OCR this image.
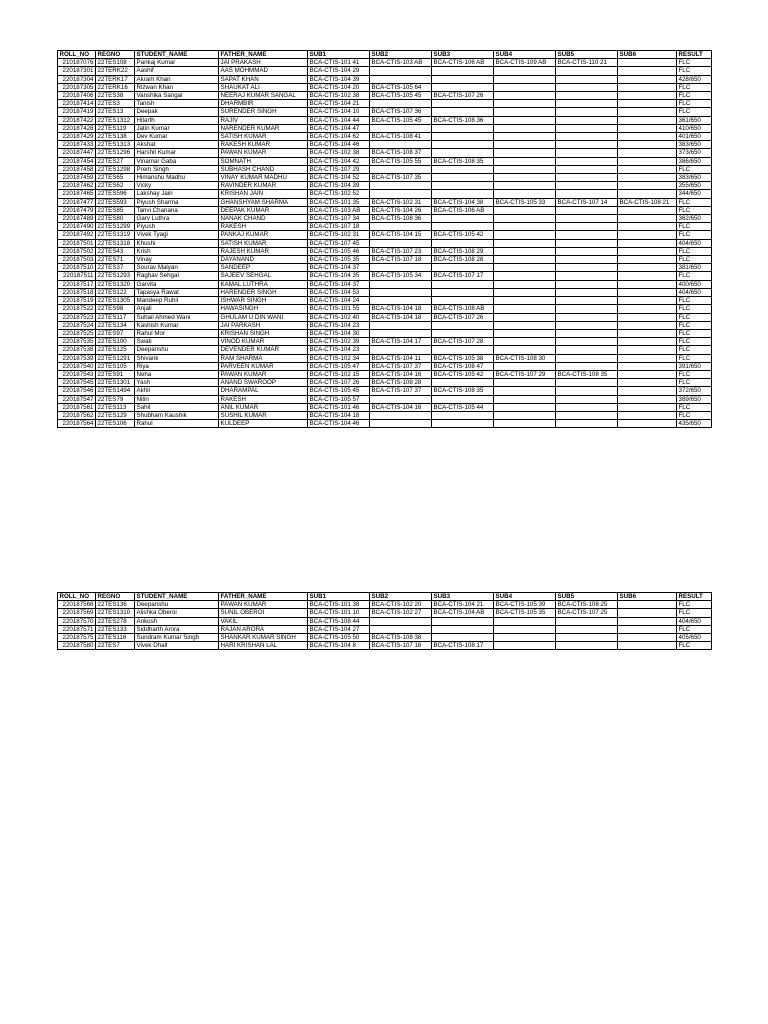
ROLL_NO	REGNO	STUDENT_NAME	FATHER_NAME	SUB1	SUB2	SUB3	SUB4	SUB5	SUB6	RESULT
210187076	22TES108	Pankaj Kumar	JAI PRAKASH	BCA-CTIS-101 41	BCA-CTIS-103 AB	BCA-CTIS-106 AB	BCA-CTIS-109 AB	BCA-CTIS-110 21		FLC
220187301	22TERK22	Aashif	AAS MOHMMAD	BCA-CTIS-104 29						FLC
220187304	22TERK17	Akram Khan	SAPAT KHAN	BCA-CTIS-104 39						428/650
220187305	22TERK16	Rizwan Khan	SHAUKAT ALI	BCA-CTIS-104 20	BCA-CTIS-105 64					FLC
220187406	22TES38	Vanshika Sangal	NEERAJ KUMAR SANGAL	BCA-CTIS-102 38	BCA-CTIS-105 45	BCA-CTIS-107 26				FLC
220187414	22TES3	Tanish	DHARMBIR	BCA-CTIS-104 21						FLC
220187419	22TES13	Deepak	SURENDER SINGH	BCA-CTIS-104 10	BCA-CTIS-107 36					FLC
220187422	22TES1312	Hitarth	RAJIV	BCA-CTIS-104 44	BCA-CTIS-105 45	BCA-CTIS-108 36				361/650
220187428	22TES119	Jatin Kumar	NARENDER KUMAR	BCA-CTIS-104 47						410/650
220187429	22TES138	Dev Kumar	SATISH KUMAR	BCA-CTIS-104 62	BCA-CTIS-108 41					401/650
220187433	22TES1313	Akshat	RAKESH KUMAR	BCA-CTIS-104 46						383/650
220187447	22TES1296	Harshit Kumar	PAWAN KUMAR	BCA-CTIS-102 38	BCA-CTIS-108 37					373/650
220187454	22TES27	Vinamar Gaba	SOMNATH	BCA-CTIS-104 42	BCA-CTIS-105 55	BCA-CTIS-108 35				386/650
220187458	22TES1298	Prem Singh	SUBHASH CHAND	BCA-CTIS-107 29						FLC
220187459	22TES65	Himanshu Madhu	VINAY KUMAR MADHU	BCA-CTIS-104 52	BCA-CTIS-107 35					383/650
220187462	22TES62	Vicky	RAVINDER KUMAR	BCA-CTIS-104 39						355/650
220187465	22TES596	Lakshay Jain	KRISHAN JAIN	BCA-CTIS-102 52						344/650
220187477	22TES593	Piyush Sharma	GHANSHYAM SHARMA	BCA-CTIS-101 35	BCA-CTIS-102 31	BCA-CTIS-104 38	BCA-CTIS-105 33	BCA-CTIS-107 14	BCA-CTIS-108 21	FLC
220187479	22TES85	Tanvi Chanana	DEEPAK KUMAR	BCA-CTIS-103 AB	BCA-CTIS-104 26	BCA-CTIS-106 AB				FLC
220187489	22TES80	Garv Luthra	NANAK CHAND	BCA-CTIS-107 34	BCA-CTIS-108 36					362/650
220187490	22TES1299	Piyush	RAKESH	BCA-CTIS-107 18						FLC
220187492	22TES1319	Vivek Tyagi	PANKAJ KUMAR	BCA-CTIS-102 31	BCA-CTIS-104 15	BCA-CTIS-105 42				FLC
220187501	22TES1318	Khushi	SATISH KUMAR	BCA-CTIS-107 45						404/650
220187502	22TES43	Krish	RAJESH KUMAR	BCA-CTIS-105 46	BCA-CTIS-107 23	BCA-CTIS-108 29				FLC
220187503	22TES71	Vinay	DAYANAND	BCA-CTIS-105 35	BCA-CTIS-107 18	BCA-CTIS-108 28				FLC
220187510	22TES37	Sourav Malyan	SANDEEP	BCA-CTIS-104 37						381/650
220187511	22TES1293	Raghav Sehgal	SAJEEV SEHGAL	BCA-CTIS-104 35	BCA-CTIS-105 34	BCA-CTIS-107 17				FLC
220187517	22TES1320	Garvita	KAMAL LUTHRA	BCA-CTIS-104 37						400/650
220187518	22TES122	Tapasya Rawat	HARENDER SINGH	BCA-CTIS-104 53						404/650
220187519	22TES1305	Mandeep Ruhil	ISHWAR SINGH	BCA-CTIS-104 24						FLC
220187522	22TES98	Anjali	HAWASINGH	BCA-CTIS-101 55	BCA-CTIS-104 18	BCA-CTIS-108 AB				FLC
220187523	22TES117	Suhail Ahmed Wani	GHULAM U DIN WANI	BCA-CTIS-102 40	BCA-CTIS-104 18	BCA-CTIS-107 26				FLC
220187524	22TES134	Kashish Kumar	JAI PARKASH	BCA-CTIS-104 23						FLC
220187525	22TES97	Rahul Mor	KRISHAN SINGH	BCA-CTIS-104 30						FLC
220187535	22TES100	Swati	VINOD KUMAR	BCA-CTIS-102 39	BCA-CTIS-104 17	BCA-CTIS-107 28				FLC
220187538	22TES125	Deepanshu	DEVENDER KUMAR	BCA-CTIS-104 23						FLC
220187539	22TES1291	Shivank	RAM SHARMA	BCA-CTIS-102 34	BCA-CTIS-104 11	BCA-CTIS-105 38	BCA-CTIS-108 30			FLC
220187540	22TES105	Riya	PARVEEN KUMAR	BCA-CTIS-105 47	BCA-CTIS-107 37	BCA-CTIS-108 47				391/650
220187543	22TES91	Neha	PAWAN KUMAR	BCA-CTIS-102 15	BCA-CTIS-104 16	BCA-CTIS-105 42	BCA-CTIS-107 29	BCA-CTIS-108 35		FLC
220187545	22TES1301	Yash	ANAND SWAROOP	BCA-CTIS-107 26	BCA-CTIS-108 28					FLC
220187546	22TES1494	Akhil	DHARAMPAL	BCA-CTIS-105 45	BCA-CTIS-107 37	BCA-CTIS-108 35				372/650
220187547	22TES79	Nitin	RAKESH	BCA-CTIS-105 57						389/650
220187561	22TES113	Sahil	ANIL KUMAR	BCA-CTIS-101 46	BCA-CTIS-104 16	BCA-CTIS-105 44				FLC
220187562	22TES129	Shubham Kaushik	SUSHIL KUMAR	BCA-CTIS-104 18						FLC
220187564	22TES106	Rahul	KULDEEP	BCA-CTIS-104 46						435/650
ROLL_NO	REGNO	STUDENT_NAME	FATHER_NAME	SUB1	SUB2	SUB3	SUB4	SUB5	SUB6	RESULT
220187568	22TES136	Deepanshu	PAWAN KUMAR	BCA-CTIS-101 38	BCA-CTIS-102 20	BCA-CTIS-104 21	BCA-CTIS-105 39	BCA-CTIS-108 25		FLC
220187569	22TES1310	Alishka Oberoi	SUNIL OBEROI	BCA-CTIS-101 10	BCA-CTIS-102 27	BCA-CTIS-104 AB	BCA-CTIS-105 35	BCA-CTIS-107 25		FLC
220187570	22TES278	Ankush	VAKIL	BCA-CTIS-108 44						404/650
220187571	22TES133	Siddharth Arora	RAJAN ARORA	BCA-CTIS-104 27						FLC
220187575	22TES116	Sundram Kumar Singh	SHANKAR KUMAR SINGH	BCA-CTIS-105 50	BCA-CTIS-108 38					405/650
220187580	22TES7	Vivek Dhall	HARI KRISHAN LAL	BCA-CTIS-104 8	BCA-CTIS-107 16	BCA-CTIS-108 17				FLC
